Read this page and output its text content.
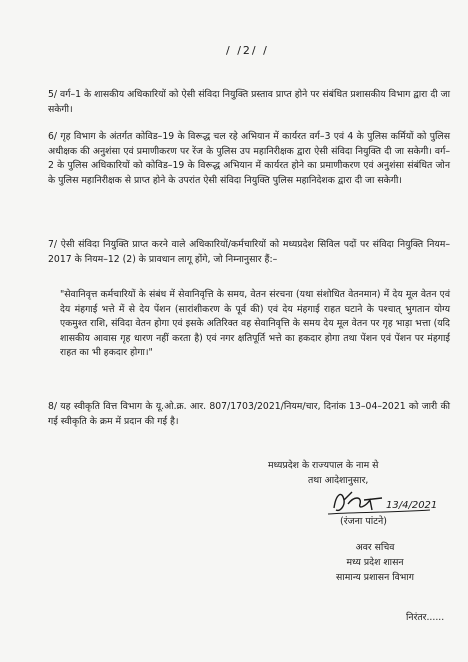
/ /2/ /
5/ वर्ग–1 के शासकीय अधिकारियों को ऐसी संविदा नियुक्ति प्रस्ताव प्राप्त होने पर संबंधित प्रशासकीय विभाग द्वारा दी जा सकेगी।
6/ गृह विभाग के अंतर्गत कोविड–19 के विरूद्ध चल रहे अभियान में कार्यरत वर्ग–3 एवं 4 के पुलिस कर्मियों को पुलिस अधीक्षक की अनुशंसा एवं प्रमाणीकरण पर रेंज के पुलिस उप महानिरीक्षक द्वारा ऐसी संविदा नियुक्ति दी जा सकेगी। वर्ग–2 के पुलिस अधिकारियों को कोविड–19 के विरूद्ध अभियान में कार्यरत होने का प्रमाणीकरण एवं अनुशंसा संबंधित जोन के पुलिस महानिरीक्षक से प्राप्त होने के उपरांत ऐसी संविदा नियुक्ति पुलिस महानिदेशक द्वारा दी जा सकेगी।
7/ ऐसी संविदा नियुक्ति प्राप्त करने वाले अधिकारियों/कर्मचारियों को मध्यप्रदेश सिविल पदों पर संविदा नियुक्ति नियम– 2017 के नियम–12 (2) के प्रावधान लागू होंगे, जो निम्नानुसार हैं:–
"सेवानिवृत्त कर्मचारियों के संबंध में सेवानिवृत्ति के समय, वेतन संरचना (यथा संशोधित वेतनमान) में देय मूल वेतन एवं देय मंहगाई भत्ते में से देय पेंशन (सारांशीकरण के पूर्व की) एवं देय मंहगाई राहत घटाने के पश्चात् भुगतान योग्य एकमुश्त राशि, संविदा वेतन होगा एवं इसके अतिरिक्त वह सेवानिवृत्ति के समय देय मूल वेतन पर गृह भाड़ा भत्ता (यदि शासकीय आवास गृह धारण नहीं करता है) एवं नगर क्षतिपूर्ति भत्ते का हकदार होगा तथा पेंशन एवं पेंशन पर मंहगाई राहत का भी हकदार होगा।"
8/ यह स्वीकृति वित्त विभाग के यू.ओ.क्र. आर. 807/1703/2021/नियम/चार, दिनांक 13–04–2021 को जारी की गई स्वीकृति के क्रम में प्रदान की गई है।
मध्यप्रदेश के राज्यपाल के नाम से
तथा आदेशानुसार,
13/4/2021
(रंजना पांटने)
अवर सचिव
मध्य प्रदेश शासन
सामान्य प्रशासन विभाग
निरंतर......
